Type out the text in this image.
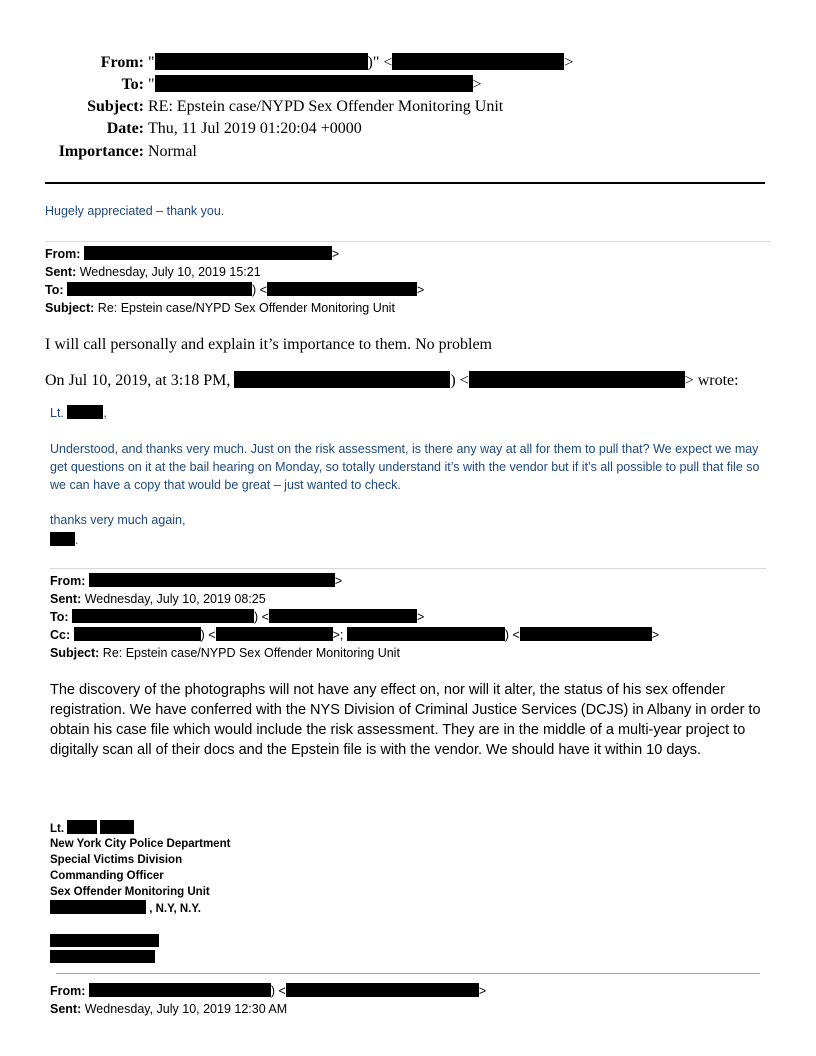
From: "	)" <	>
To: "	>
Subject: RE: Epstein case/NYPD Sex Offender Monitoring Unit
Date: Thu, 11 Jul 2019 01:20:04 +0000
Importance: Normal
Hugely appreciated – thank you.
From:	>
Sent: Wednesday, July 10, 2019 15:21
To:	) <	>
Subject: Re: Epstein case/NYPD Sex Offender Monitoring Unit
I will call personally and explain it’s importance to them. No problem
On Jul 10, 2019, at 3:18 PM,	) <	> wrote:
Lt.	,
Understood, and thanks very much. Just on the risk assessment, is there any way at all for them to pull that? We expect we may get questions on it at the bail hearing on Monday, so totally understand it’s with the vendor but if it’s all possible to pull that file so we can have a copy that would be great – just wanted to check.
thanks very much again,
.
From:	>
Sent: Wednesday, July 10, 2019 08:25
To:	) <	>
Cc:	) <	>;	) <	>
Subject: Re: Epstein case/NYPD Sex Offender Monitoring Unit
The discovery of the photographs will not have any effect on, nor will it alter, the status of his sex offender registration. We have conferred with the NYS Division of Criminal Justice Services (DCJS) in Albany in order to obtain his case file which would include the risk assessment. They are in the middle of a multi-year project to digitally scan all of their docs and the Epstein file is with the vendor. We should have it within 10 days.
Lt.
New York City Police Department
Special Victims Division
Commanding Officer
Sex Offender Monitoring Unit
, N.Y, N.Y.
From:	) <	>
Sent: Wednesday, July 10, 2019 12:30 AM
